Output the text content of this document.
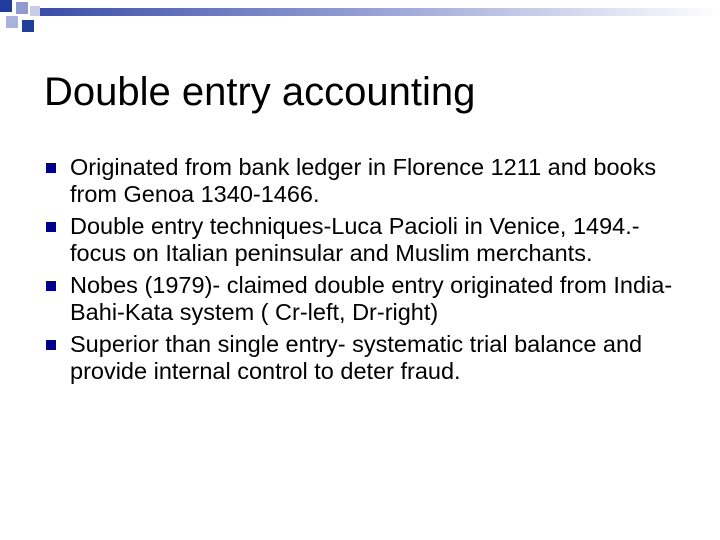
Double entry accounting
Originated from bank ledger in Florence 1211 and books from Genoa 1340-1466.
Double entry techniques-Luca Pacioli in Venice, 1494.-focus on Italian peninsular and Muslim merchants.
Nobes (1979)- claimed double entry originated from India- Bahi-Kata system ( Cr-left, Dr-right)
Superior than single entry- systematic trial balance and provide internal control to deter fraud.
